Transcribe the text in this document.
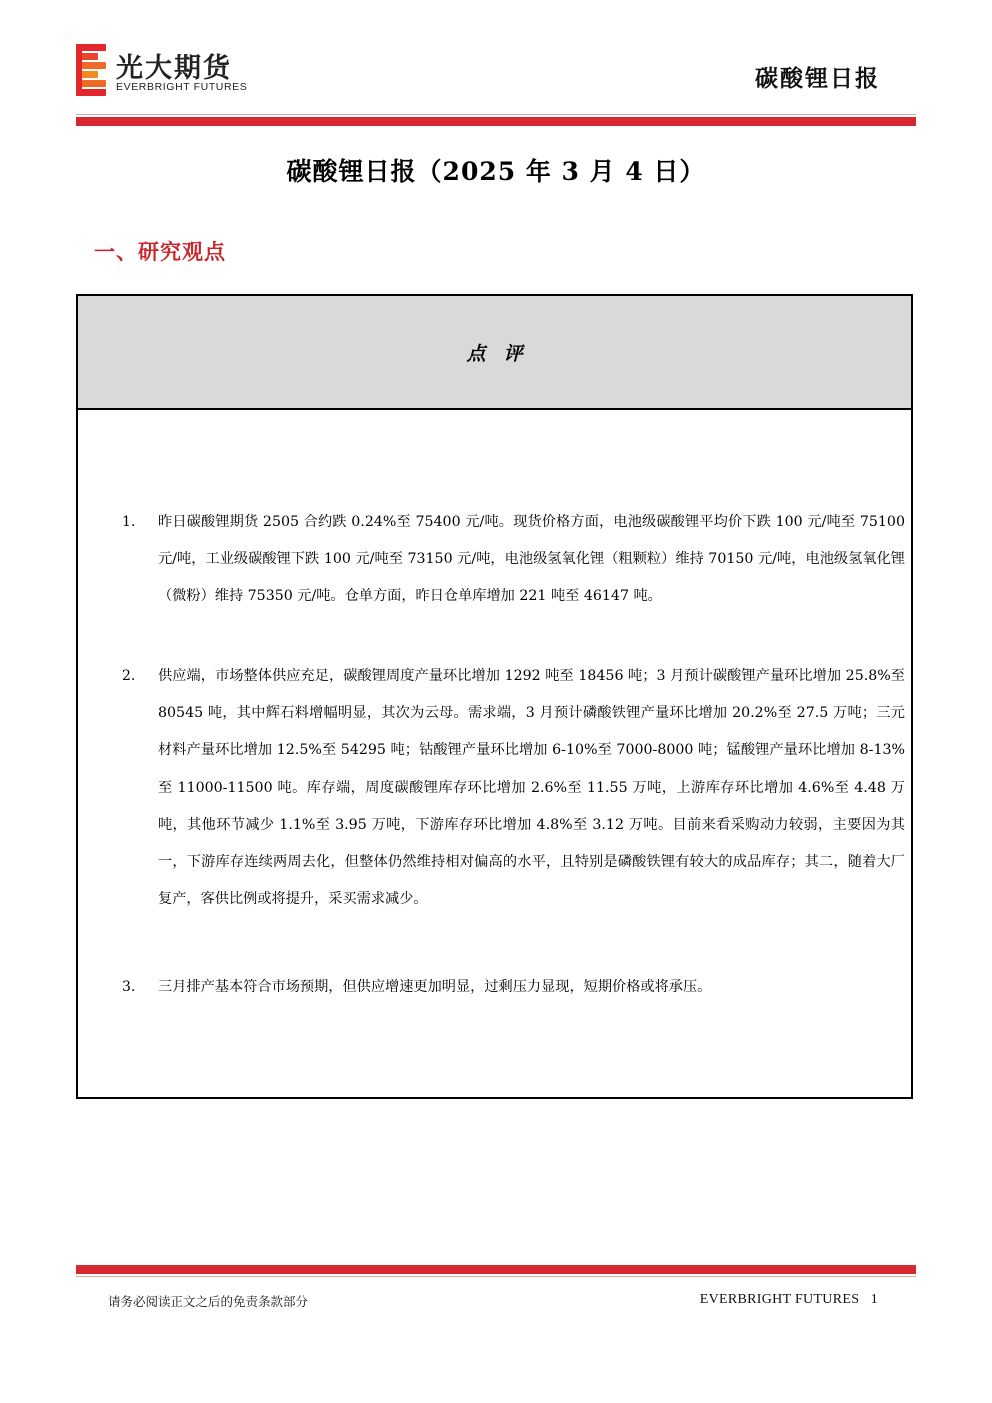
光大期货
EVERBRIGHT FUTURES	碳酸锂日报
碳酸锂日报（2025 年 3 月 4 日）
一、研究观点
点评
1. 昨日碳酸锂期货 2505 合约跌 0.24%至 75400 元/吨。现货价格方面，电池级碳酸锂平均价下跌 100 元/吨至 75100 元/吨，工业级碳酸锂下跌 100 元/吨至 73150 元/吨，电池级氢氧化锂（粗颗粒）维持 70150 元/吨，电池级氢氧化锂（微粉）维持 75350 元/吨。仓单方面，昨日仓单库增加 221 吨至 46147 吨。
2. 供应端，市场整体供应充足，碳酸锂周度产量环比增加 1292 吨至 18456 吨；3 月预计碳酸锂产量环比增加 25.8%至 80545 吨，其中辉石料增幅明显，其次为云母。需求端，3 月预计磷酸铁锂产量环比增加 20.2%至 27.5 万吨；三元材料产量环比增加 12.5%至 54295 吨；钴酸锂产量环比增加 6-10%至 7000-8000 吨；锰酸锂产量环比增加 8-13%至 11000-11500 吨。库存端，周度碳酸锂库存环比增加 2.6%至 11.55 万吨，上游库存环比增加 4.6%至 4.48 万吨，其他环节减少 1.1%至 3.95 万吨，下游库存环比增加 4.8%至 3.12 万吨。目前来看采购动力较弱，主要因为其一，下游库存连续两周去化，但整体仍然维持相对偏高的水平，且特别是磷酸铁锂有较大的成品库存；其二，随着大厂复产，客供比例或将提升，采买需求减少。
3. 三月排产基本符合市场预期，但供应增速更加明显，过剩压力显现，短期价格或将承压。
请务必阅读正文之后的免责条款部分	EVERBRIGHT FUTURES 1
